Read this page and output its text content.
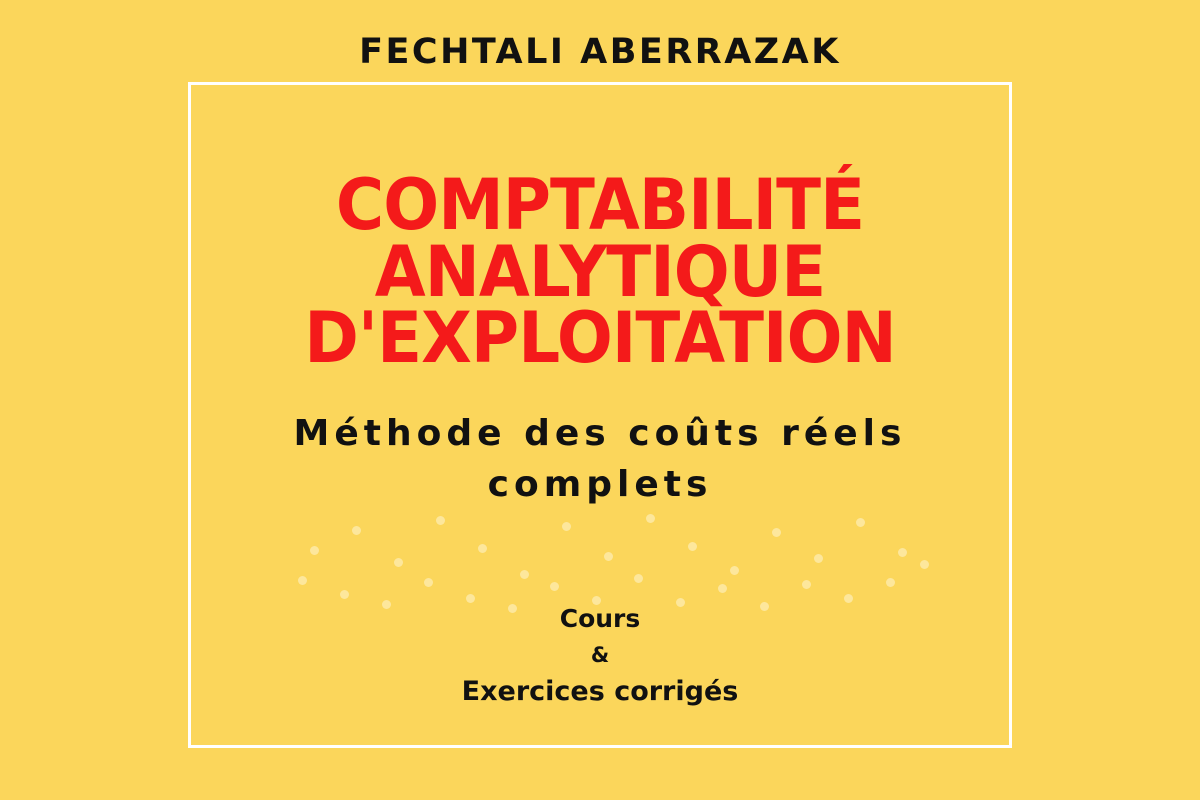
FECHTALI ABERRAZAK
COMPTABILITÉ ANALYTIQUE
D'EXPLOITATION
Méthode des coûts réels
complets
Cours
&
Exercices corrigés
